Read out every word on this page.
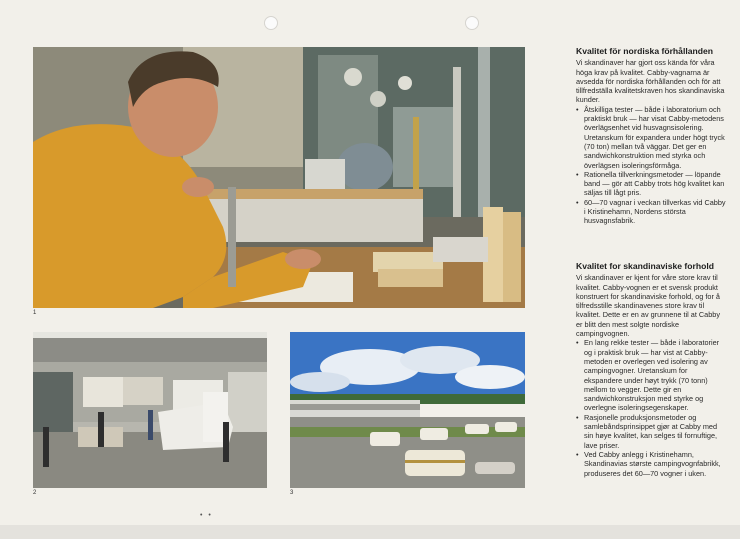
1
2	3
Kvalitet för nordiska förhållanden

Vi skandinaver har gjort oss kända för våra höga krav på kvalitet. Cabby-vagnarna är avsedda för nordiska förhållanden och för att tillfredställa kvalitetskraven hos skandinaviska kunder.

• Åtskilliga tester — både i laboratorium och praktiskt bruk — har visat Cabby-metodens överlägsenhet vid husvagnsisolering. Uretanskum för expandera under högt tryck (70 ton) mellan två väggar. Det ger en sandwichkonstruktion med styrka och överlägsen isoleringsförmåga.
• Rationella tillverkningsmetoder — löpande band — gör att Cabby trots hög kvalitet kan säljas till lågt pris.
• 60—70 vagnar i veckan tillverkas vid Cabby i Kristinehamn, Nordens största husvagnsfabrik.
Kvalitet for skandinaviske forhold

Vi skandinaver er kjent for våre store krav til kvalitet. Cabby-vognen er et svensk produkt konstruert for skandinaviske forhold, og for å tilfredsstille skandinavenes store krav til kvalitet. Dette er en av grunnene til at Cabby er blitt den mest solgte nordiske campingvognen.

• En lang rekke tester — både i laboratorier og i praktisk bruk — har vist at Cabby-metoden er overlegen ved isolering av campingvogner. Uretanskum for ekspandere under høyt trykk (70 tonn) mellom to vegger. Dette gir en sandwichkonstruksjon med styrke og overlegne isoleringsegenskaper.
• Rasjonelle produksjonsmetoder og samlebåndsprinsippet gjør at Cabby med sin høye kvalitet, kan selges til fornuftige, lave priser.
• Ved Cabby anlegg i Kristinehamn, Skandinavias største campingvognfabrikk, produseres det 60—70 vogner i uken.
• •
